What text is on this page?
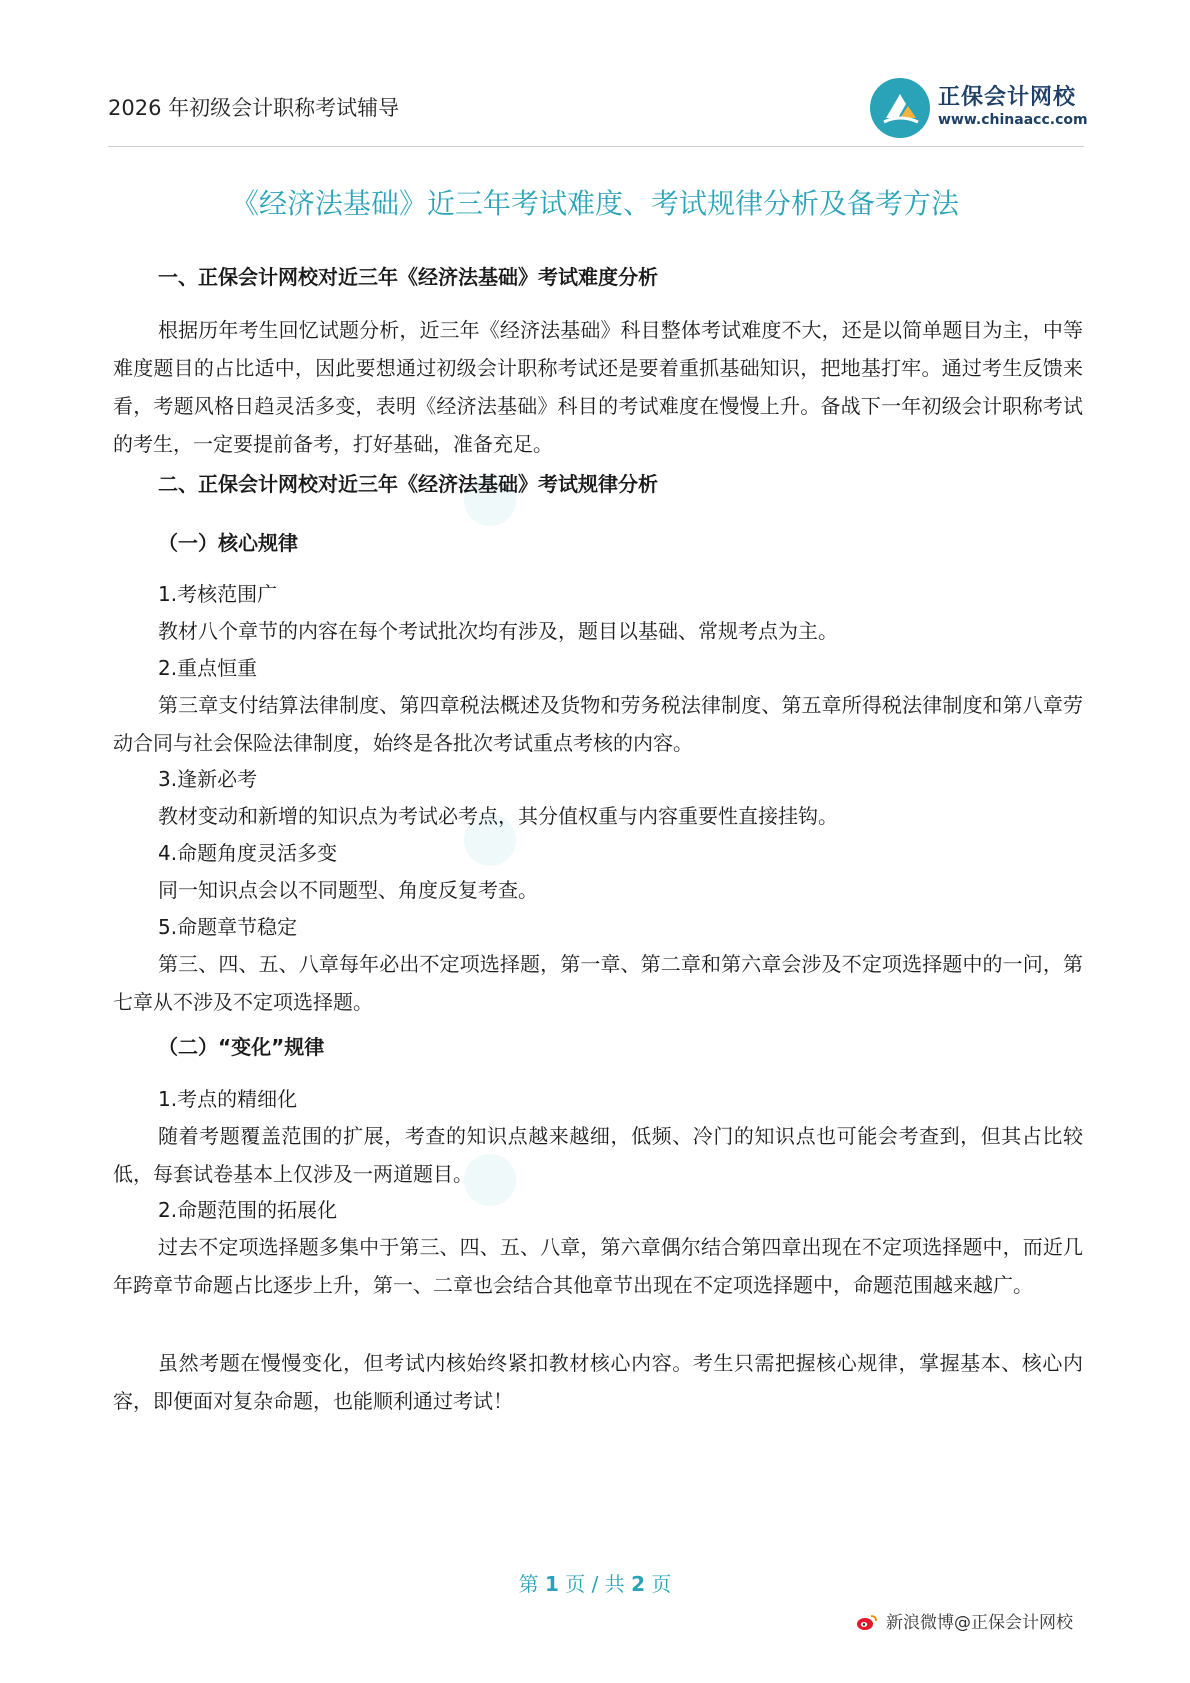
2026 年初级会计职称考试辅导	正保会计网校
www.chinaacc.com
《经济法基础》近三年考试难度、考试规律分析及备考方法
一、正保会计网校对近三年《经济法基础》考试难度分析
根据历年考生回忆试题分析，近三年《经济法基础》科目整体考试难度不大，还是以简单题目为主，中等难度题目的占比适中，因此要想通过初级会计职称考试还是要着重抓基础知识，把地基打牢。通过考生反馈来看，考题风格日趋灵活多变，表明《经济法基础》科目的考试难度在慢慢上升。备战下一年初级会计职称考试的考生，一定要提前备考，打好基础，准备充足。
二、正保会计网校对近三年《经济法基础》考试规律分析
（一）核心规律
1.考核范围广
教材八个章节的内容在每个考试批次均有涉及，题目以基础、常规考点为主。
2.重点恒重
第三章支付结算法律制度、第四章税法概述及货物和劳务税法律制度、第五章所得税法律制度和第八章劳动合同与社会保险法律制度，始终是各批次考试重点考核的内容。
3.逢新必考
教材变动和新增的知识点为考试必考点，其分值权重与内容重要性直接挂钩。
4.命题角度灵活多变
同一知识点会以不同题型、角度反复考查。
5.命题章节稳定
第三、四、五、八章每年必出不定项选择题，第一章、第二章和第六章会涉及不定项选择题中的一问，第七章从不涉及不定项选择题。
（二）“变化”规律
1.考点的精细化
随着考题覆盖范围的扩展，考查的知识点越来越细，低频、冷门的知识点也可能会考查到，但其占比较低，每套试卷基本上仅涉及一两道题目。
2.命题范围的拓展化
过去不定项选择题多集中于第三、四、五、八章，第六章偶尔结合第四章出现在不定项选择题中，而近几年跨章节命题占比逐步上升，第一、二章也会结合其他章节出现在不定项选择题中，命题范围越来越广。
虽然考题在慢慢变化，但考试内核始终紧扣教材核心内容。考生只需把握核心规律，掌握基本、核心内容，即便面对复杂命题，也能顺利通过考试！
第 1 页 / 共 2 页
新浪微博@正保会计网校
